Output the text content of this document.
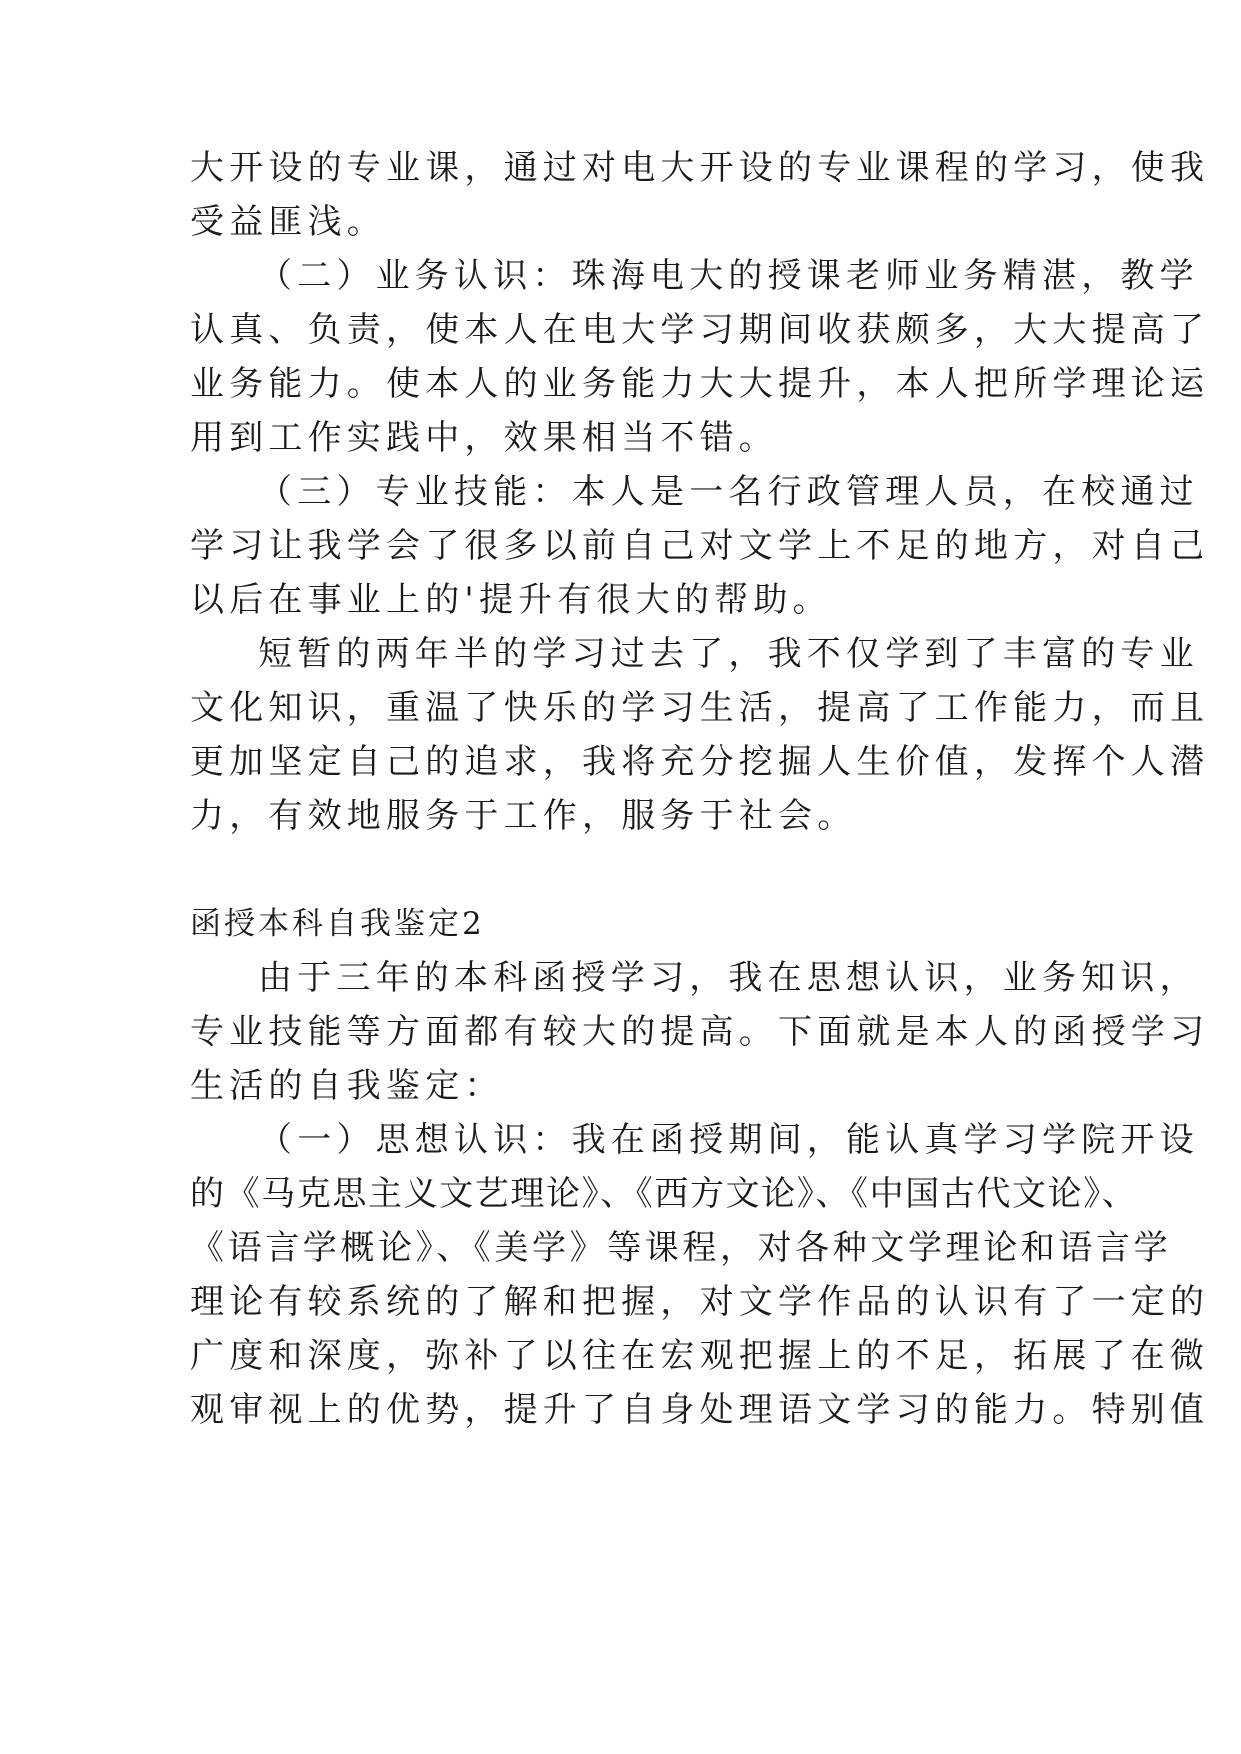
大开设的专业课，通过对电大开设的专业课程的学习，使我
受益匪浅。
（二）业务认识：珠海电大的授课老师业务精湛，教学
认真、负责，使本人在电大学习期间收获颇多，大大提高了
业务能力。使本人的业务能力大大提升，本人把所学理论运
用到工作实践中，效果相当不错。
（三）专业技能：本人是一名行政管理人员，在校通过
学习让我学会了很多以前自己对文学上不足的地方，对自己
以后在事业上的'提升有很大的帮助。
短暂的两年半的学习过去了，我不仅学到了丰富的专业
文化知识，重温了快乐的学习生活，提高了工作能力，而且
更加坚定自己的追求，我将充分挖掘人生价值，发挥个人潜
力，有效地服务于工作，服务于社会。
函授本科自我鉴定2
由于三年的本科函授学习，我在思想认识，业务知识，
专业技能等方面都有较大的提高。下面就是本人的函授学习
生活的自我鉴定：
（一）思想认识：我在函授期间，能认真学习学院开设
的《马克思主义文艺理论》、《西方文论》、《中国古代文论》、
《语言学概论》、《美学》等课程，对各种文学理论和语言学
理论有较系统的了解和把握，对文学作品的认识有了一定的
广度和深度，弥补了以往在宏观把握上的不足，拓展了在微
观审视上的优势，提升了自身处理语文学习的能力。特别值
